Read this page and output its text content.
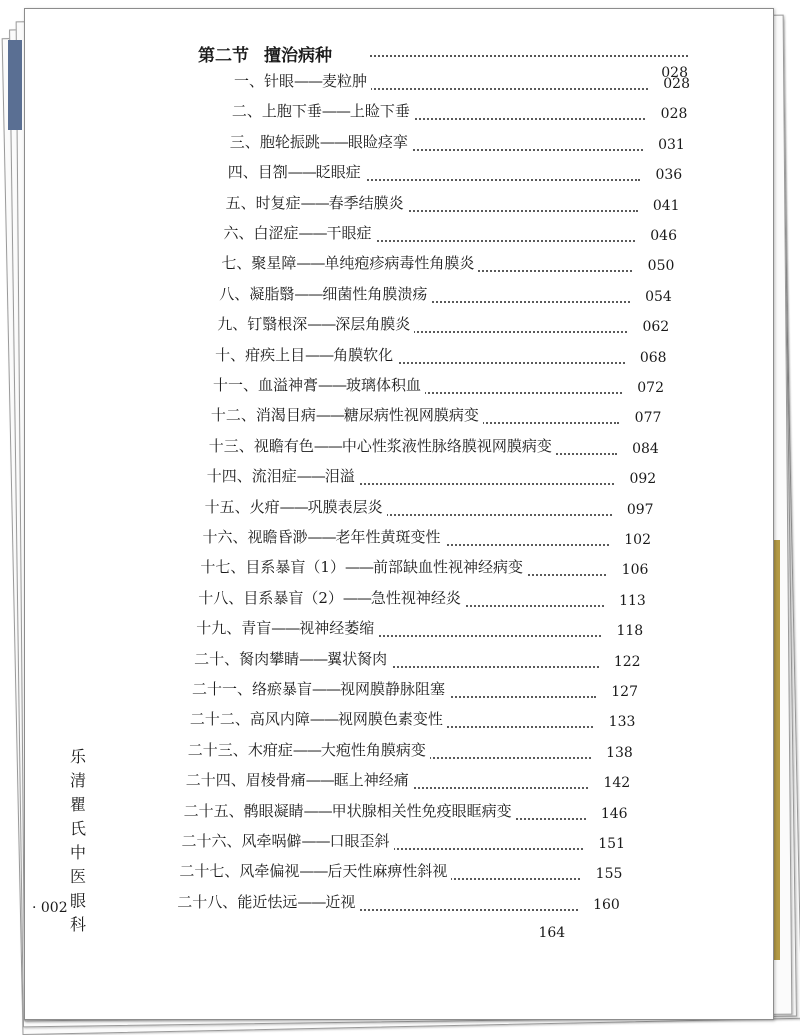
第二节 擅治病种
028
一、针眼——麦粒肿	028
二、上胞下垂——上睑下垂	028
三、胞轮振跳——眼睑痉挛	031
四、目劄——眨眼症	036
五、时复症——春季结膜炎	041
六、白涩症——干眼症	046
七、聚星障——单纯疱疹病毒性角膜炎	050
八、凝脂翳——细菌性角膜溃疡	054
九、钉翳根深——深层角膜炎	062
十、疳疾上目——角膜软化	068
十一、血溢神膏——玻璃体积血	072
十二、消渴目病——糖尿病性视网膜病变	077
十三、视瞻有色——中心性浆液性脉络膜视网膜病变	084
十四、流泪症——泪溢	092
十五、火疳——巩膜表层炎	097
十六、视瞻昏渺——老年性黄斑变性	102
十七、目系暴盲（1）——前部缺血性视神经病变	106
十八、目系暴盲（2）——急性视神经炎	113
十九、青盲——视神经萎缩	118
二十、胬肉攀睛——翼状胬肉	122
二十一、络瘀暴盲——视网膜静脉阻塞	127
二十二、高风内障——视网膜色素变性	133
二十三、木疳症——大疱性角膜病变	138
二十四、眉棱骨痛——眶上神经痛	142
二十五、鹘眼凝睛——甲状腺相关性免疫眼眶病变	146
二十六、风牵㖞僻——口眼歪斜	151
二十七、风牵偏视——后天性麻痹性斜视	155
二十八、能近怯远——近视	160
164
乐
清
瞿
氏
中
医
眼
科
· 002 ·
